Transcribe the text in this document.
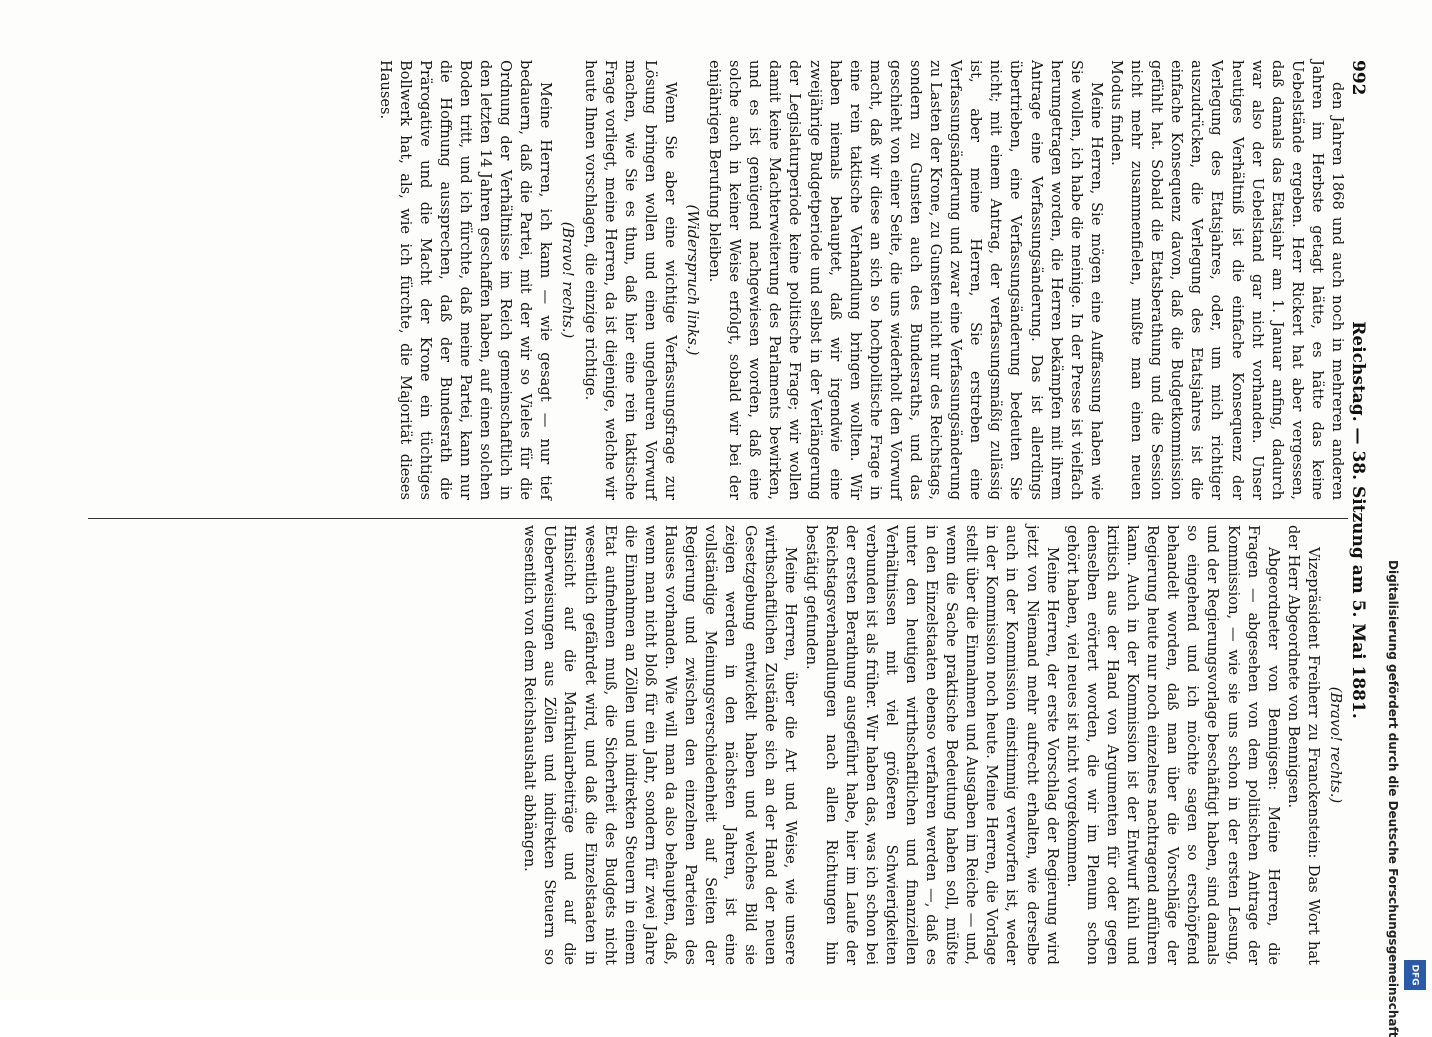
992
Reichstag. — 38. Sitzung am 5. Mai 1881.

den Jahren 1868 und auch noch in mehreren anderen Jahren im Herbste getagt hätte, es hätte das keine Uebelstände ergeben. Herr Rickert hat aber vergessen, daß damals das Etatsjahr am 1. Januar anfing, dadurch war also der Uebelstand gar nicht vorhanden. Unser heutiges Verhältniß ist die einfache Konsequenz der Verlegung des Etatsjahres, oder, um mich richtiger auszudrücken, die Verlegung des Etatsjahres ist die einfache Konsequenz davon, daß die Budgetkommission gefühlt hat. Sobald die Etatsberathung und die Session nicht mehr zusammenfielen, mußte man einen neuen Modus finden.

Meine Herren, Sie mögen eine Auffassung haben wie Sie wollen, ich habe die meinige. In der Presse ist vielfach herumgetragen worden, die Herren bekämpfen mit ihrem Antrage eine Verfassungsänderung. Das ist allerdings übertrieben, eine Verfassungsänderung bedeuten Sie nicht; mit einem Antrag, der verfassungsmäßig zulässig ist, aber meine Herren, Sie erstreben eine Verfassungsänderung und zwar eine Verfassungsänderung zu Lasten der Krone, zu Gunsten nicht nur des Reichstags, sondern zu Gunsten auch des Bundesraths, und das geschieht von einer Seite, die uns wiederholt den Vorwurf macht, daß wir diese an sich so hochpolitische Frage in eine rein taktische Verhandlung bringen wollten. Wir haben niemals behauptet, daß wir irgendwie eine zweijährige Budgetperiode und selbst in der Verlängerung der Legislaturperiode keine politische Frage; wir wollen damit keine Machterweiterung des Parlaments bewirken, und es ist genügend nachgewiesen worden, daß eine solche auch in keiner Weise erfolgt, sobald wir bei der einjährigen Berufung bleiben.

(Widerspruch links.)

Wenn Sie aber eine wichtige Verfassungsfrage zur Lösung bringen wollen und einen ungeheuren Vorwurf machen, wie Sie es thun, daß hier eine rein taktische Frage vorliegt, meine Herren, da ist diejenige, welche wir heute Ihnen vorschlagen, die einzige richtige.

(Bravo! rechts.)

Meine Herren, ich kann — wie gesagt — nur tief bedauern, daß die Partei, mit der wir so Vieles für die Ordnung der Verhältnisse im Reich gemeinschaftlich in den letzten 14 Jahren geschaffen haben, auf einen solchen Boden tritt, und ich fürchte, daß meine Partei, kann nur die Hoffnung aussprechen, daß der Bundesrath die Prärogative und die Macht der Krone ein tüchtiges Bollwerk hat, als, wie ich fürchte, die Majorität dieses Hauses.

(Bravo! rechts.)

Vizepräsident Freiherr zu Franckenstein: Das Wort hat der Herr Abgeordnete von Bennigsen.

Abgeordneter von Bennigsen: Meine Herren, die Fragen — abgesehen von dem politischen Antrage der Kommission, — wie sie uns schon in der ersten Lesung, und der Regierungsvorlage beschäftigt haben, sind damals so eingehend und ich möchte sagen so erschöpfend behandelt worden, daß man über die Vorschläge der Regierung heute nur noch einzelnes nachtragend anführen kann. Auch in der Kommission ist der Entwurf kühl und kritisch aus der Hand von Argumenten für oder gegen denselben erörtert worden, die wir im Plenum schon gehört haben, viel neues ist nicht vorgekommen.

Meine Herren, der erste Vorschlag der Regierung wird jetzt von Niemand mehr aufrecht erhalten, wie derselbe auch in der Kommission einstimmig verworfen ist, weder in der Kommission noch heute. Meine Herren, die Vorlage stellt über die Einnahmen und Ausgaben im Reiche — und, wenn die Sache praktische Bedeutung haben soll, müßte in den Einzelstaaten ebenso verfahren werden —, daß es unter den heutigen wirthschaftlichen und finanziellen Verhältnissen mit viel größeren Schwierigkeiten verbunden ist als früher. Wir haben das, was ich schon bei der ersten Berathung ausgeführt habe, hier im Laufe der Reichstagsverhandlungen nach allen Richtungen hin bestätigt gefunden.

Meine Herren, über die Art und Weise, wie unsere wirthschaftlichen Zustände sich an der Hand der neuen Gesetzgebung entwickelt haben und welches Bild sie zeigen werden in den nächsten Jahren, ist eine vollständige Meinungsverschiedenheit auf Seiten der Regierung und zwischen den einzelnen Parteien des Hauses vorhanden. Wie will man da also behaupten, daß, wenn man nicht bloß für ein Jahr, sondern für zwei Jahre die Einnahmen an Zöllen und indirekten Steuern in einem Etat aufnehmen muß, die Sicherheit des Budgets nicht wesentlich gefährdet wird, und daß die Einzelstaaten in Hinsicht auf die Matrikularbeiträge und auf die Ueberweisungen aus Zöllen und indirekten Steuern so wesentlich von dem Reichshaushalt abhängen.	Digitalisierung gefördert durch die Deutsche Forschungsgemeinschaft DFG
